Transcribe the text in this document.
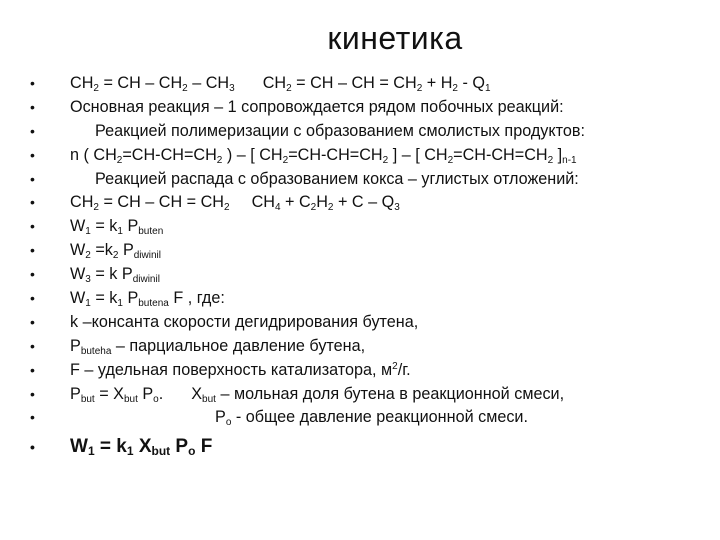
кинетика
• $CH_2$ = CH – $CH_2 - CH_3$ $CH_2$ = CH – CH = $CH_2 + H_2 - Q_1$
• Основная реакция – 1 сопровождается рядом побочных реакций:
•	Реакцией полимеризации с образованием смолистых продуктов:
• n ( $CH_2=CH-CH=CH_2$ ) – [ $CH_2=CH-CH=CH_2$ ] – [ $CH_2=CH-CH=CH_2$ ]$_{n-1}$
•	Реакцией распада с образованием кокса – углистых отложений:
• $CH_2$ = CH – CH = $CH_2$ $CH_4 + C_2H_2 + C - Q_3$
• $W_1 = k_1$ $P_{buten}$
• $W_2 =k_2$ $P_{diwinil}$
• $W_3 = k$ $P_{diwinil}$
• $W_1 = k_1$ $P_{butena}$ F , где:
• k –консанта скорости дегидрирования бутена,
• $P_{buteha}$ – парциальное давление бутена,
• F – удельная поверхность катализатора, $м^2/г$.
• $P_{but} = X_{but}$ $P_o$. $X_{but}$ – мольная доля бутена в реакционной смеси,
•	$P_o$ - общее давление реакционной смеси.
• $W_1 = k_1$ $X_{but}$ $P_o$ F
